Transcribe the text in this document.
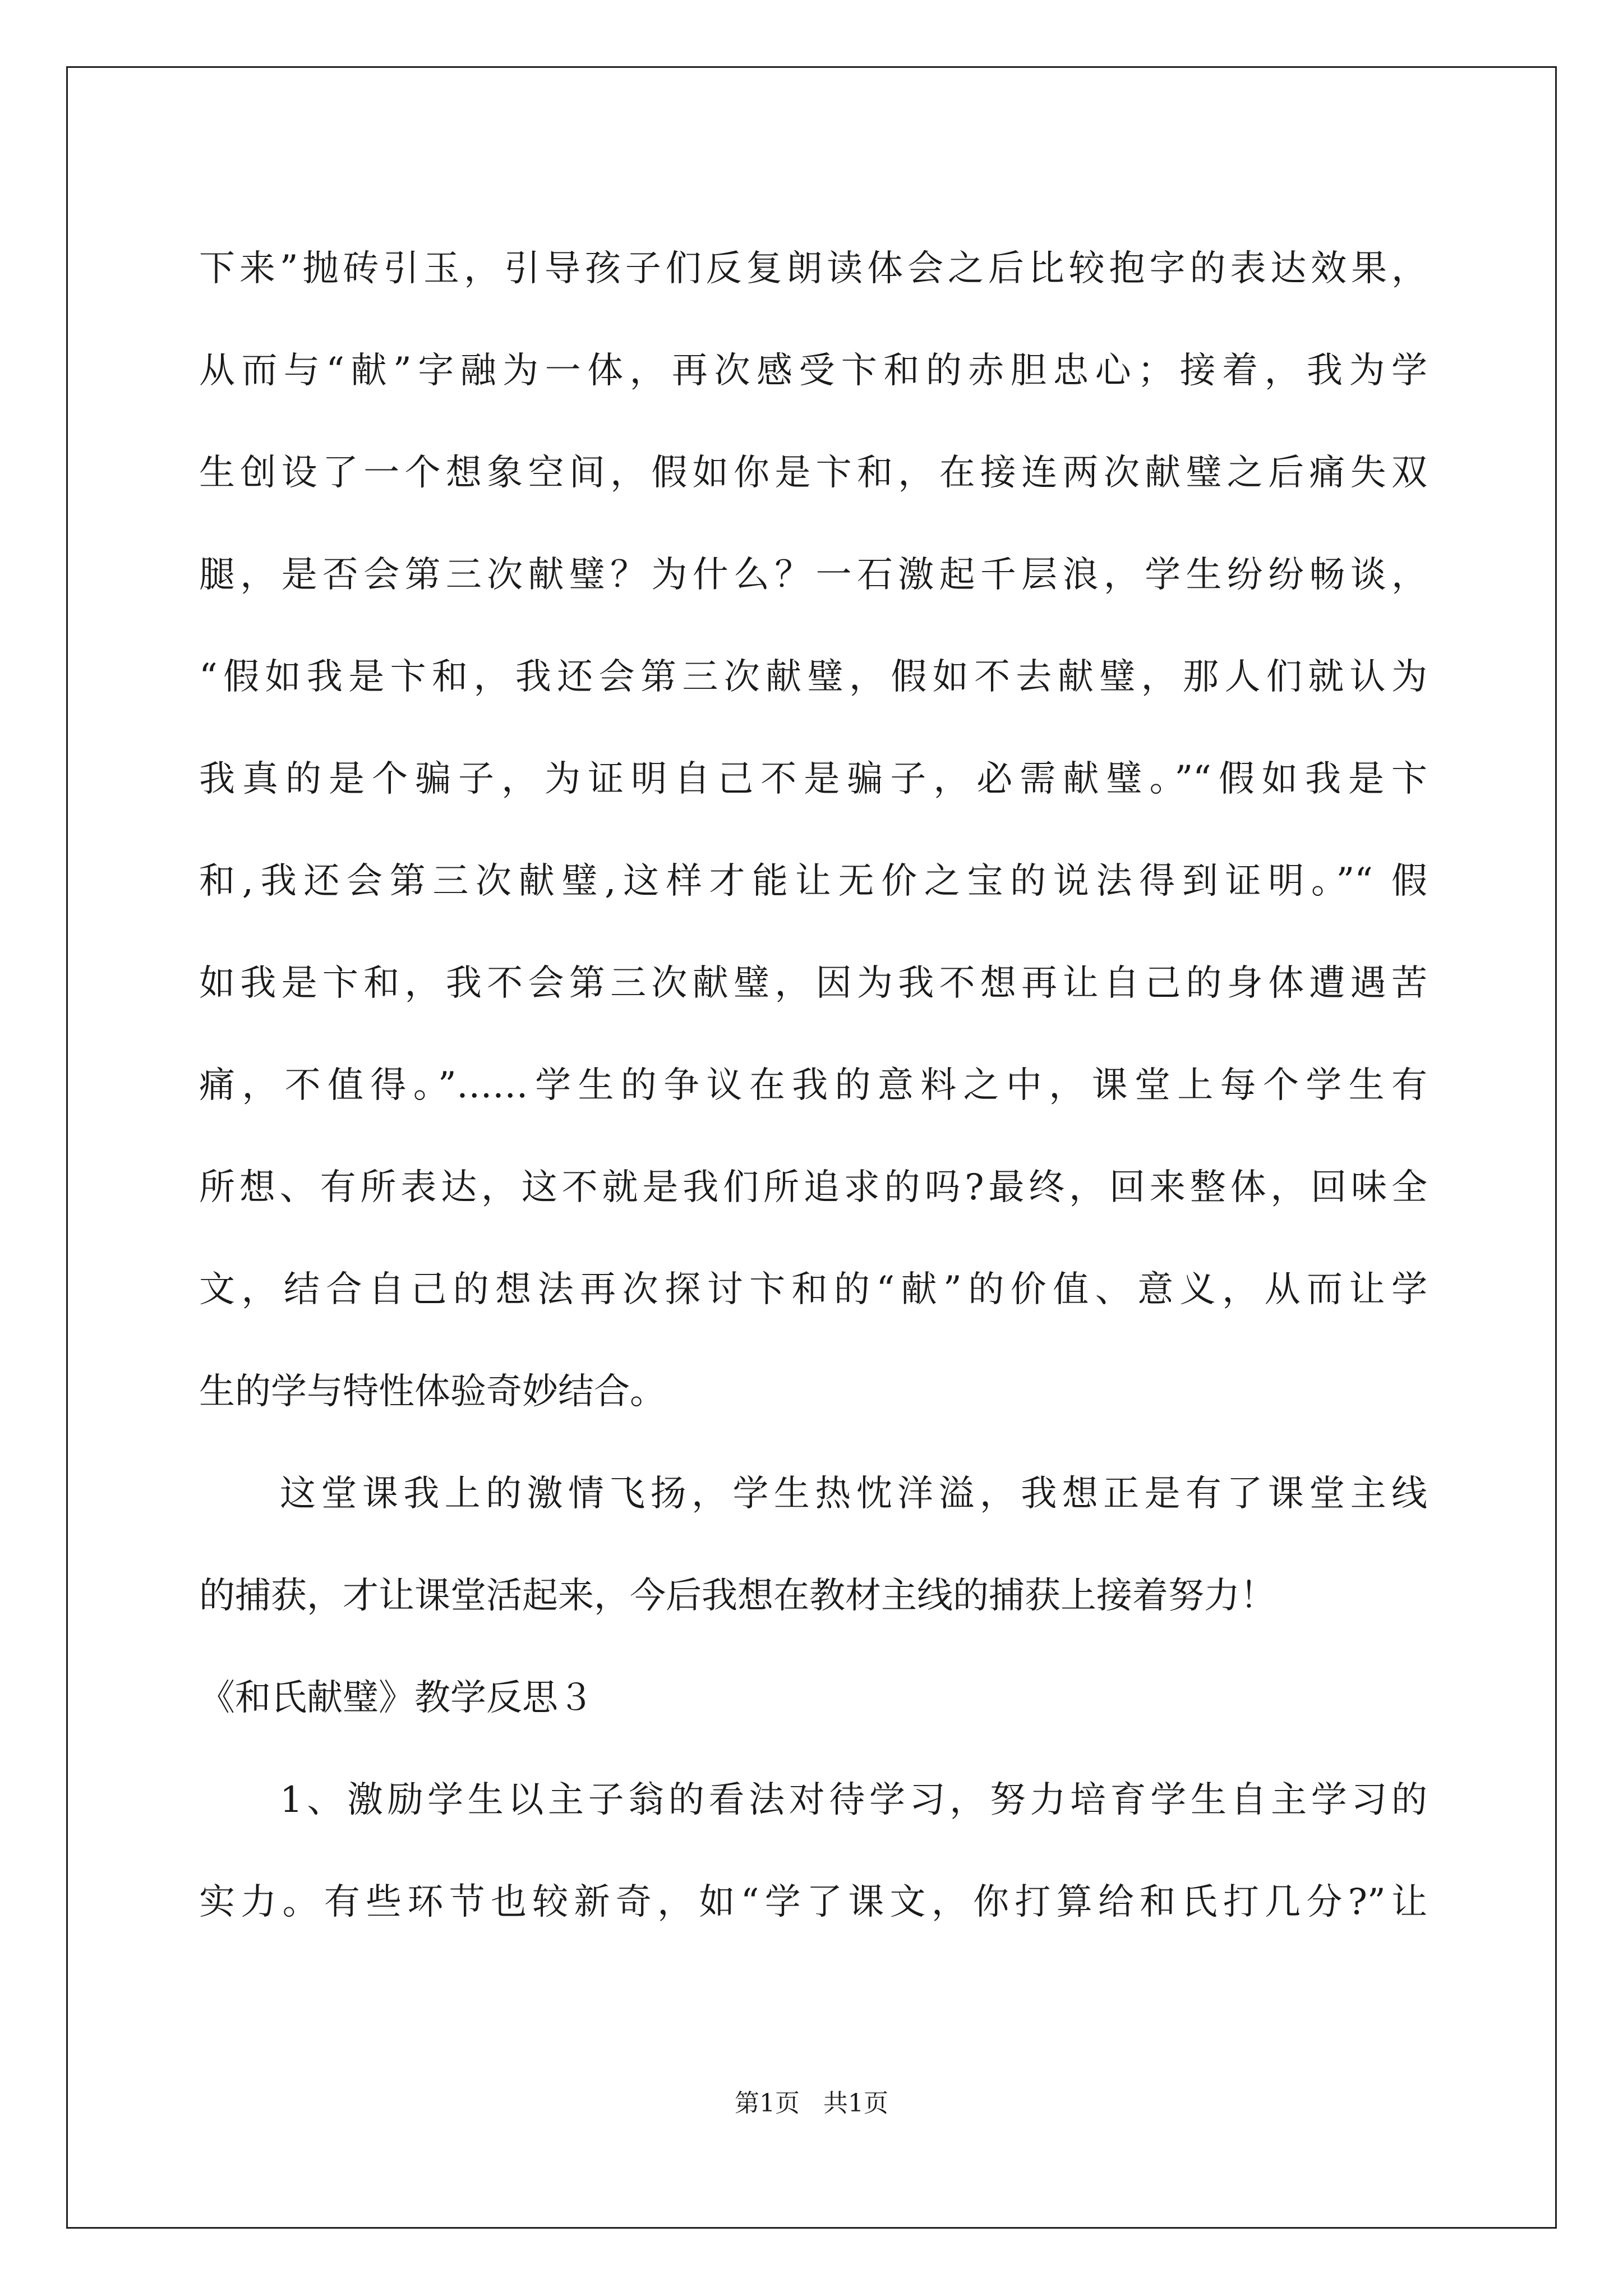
下来”抛砖引玉，引导孩子们反复朗读体会之后比较抱字的表达效果，
从而与“献”字融为一体，再次感受卞和的赤胆忠心；接着，我为学
生创设了一个想象空间，假如你是卞和，在接连两次献璧之后痛失双
腿，是否会第三次献璧？为什么？一石激起千层浪，学生纷纷畅谈，
“假如我是卞和，我还会第三次献璧，假如不去献璧，那人们就认为
我真的是个骗子，为证明自己不是骗子，必需献璧。”“假如我是卞
和,我还会第三次献璧,这样才能让无价之宝的说法得到证明。”“ 假
如我是卞和，我不会第三次献璧，因为我不想再让自己的身体遭遇苦
痛，不值得。”……学生的争议在我的意料之中，课堂上每个学生有
所想、有所表达，这不就是我们所追求的吗?最终，回来整体，回味全
文，结合自己的想法再次探讨卞和的“献”的价值、意义，从而让学
生的学与特性体验奇妙结合。
这堂课我上的激情飞扬，学生热忱洋溢，我想正是有了课堂主线
的捕获，才让课堂活起来，今后我想在教材主线的捕获上接着努力！
《和氏献璧》教学反思３
1、激励学生以主子翁的看法对待学习，努力培育学生自主学习的
实力。有些环节也较新奇，如“学了课文，你打算给和氏打几分?”让
第1页 共1页
